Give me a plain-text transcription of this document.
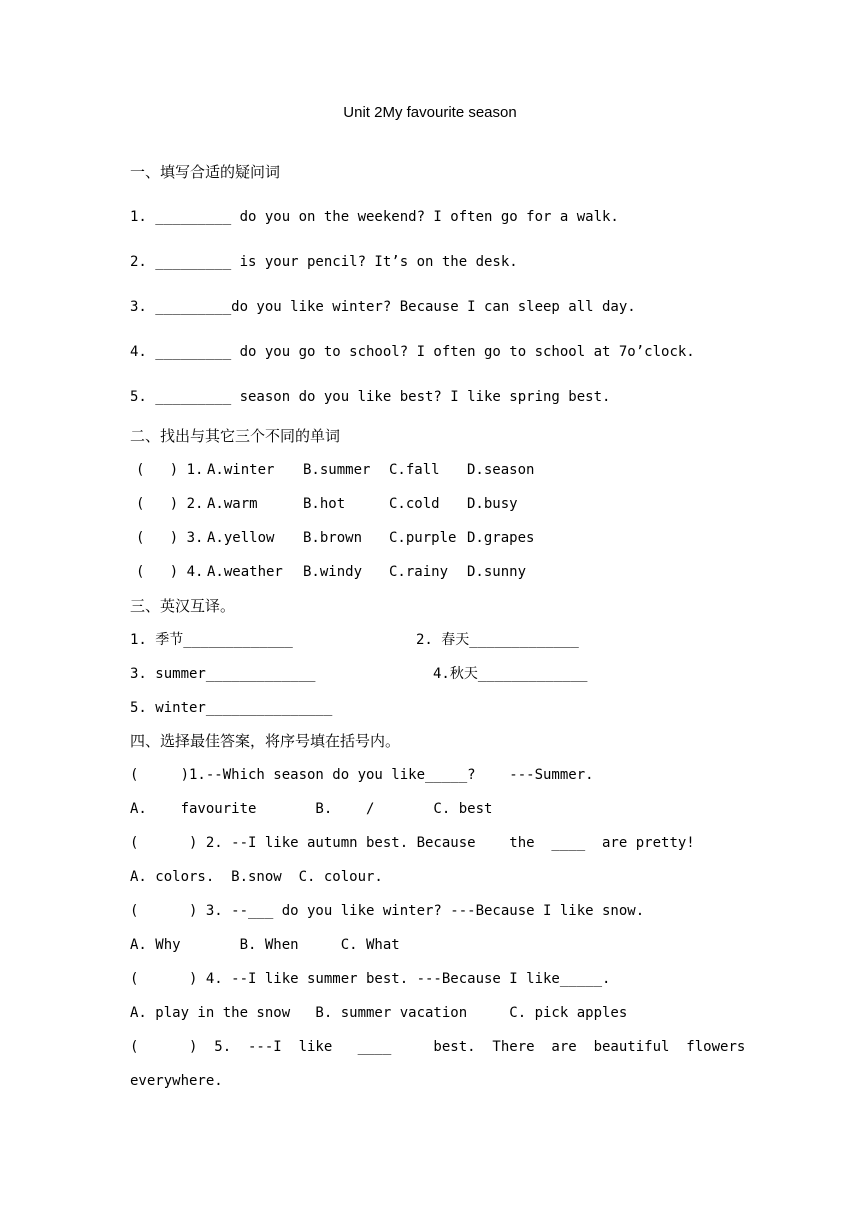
Unit 2My favourite season
一、填写合适的疑问词
1. _________ do you on the weekend? I often go for a walk.
2. _________ is your pencil? It’s on the desk.
3. _________do you like winter? Because I can sleep all day.
4. _________ do you go to school? I often go to school at 7o’clock.
5. _________ season do you like best? I like spring best.
二、找出与其它三个不同的单词
(   ) 1. A.winter B.summer C.fall D.season
(   ) 2. A.warm	B.hot	C.cold D.busy
(   ) 3. A.yellow B.brown C.purple D.grapes
(   ) 4. A.weather B.windy C.rainy D.sunny
三、英汉互译。
1. 季节_____________	2. 春天_____________
3. summer_____________	4.秋天_____________
5. winter_______________
四、选择最佳答案，将序号填在括号内。
(     )1.--Which season do you like_____?    ---Summer.
A.    favourite       B.    /       C. best
(      ) 2. --I like autumn best. Because    the  ____  are pretty!
A. colors.  B.snow  C. colour.
(      ) 3. --___ do you like winter? ---Because I like snow.
A. Why       B. When     C. What
(      ) 4. --I like summer best. ---Because I like_____.
A. play in the snow   B. summer vacation     C. pick apples
(      )  5.  ---I  like   ____     best.  There  are  beautiful  flowers
everywhere.
